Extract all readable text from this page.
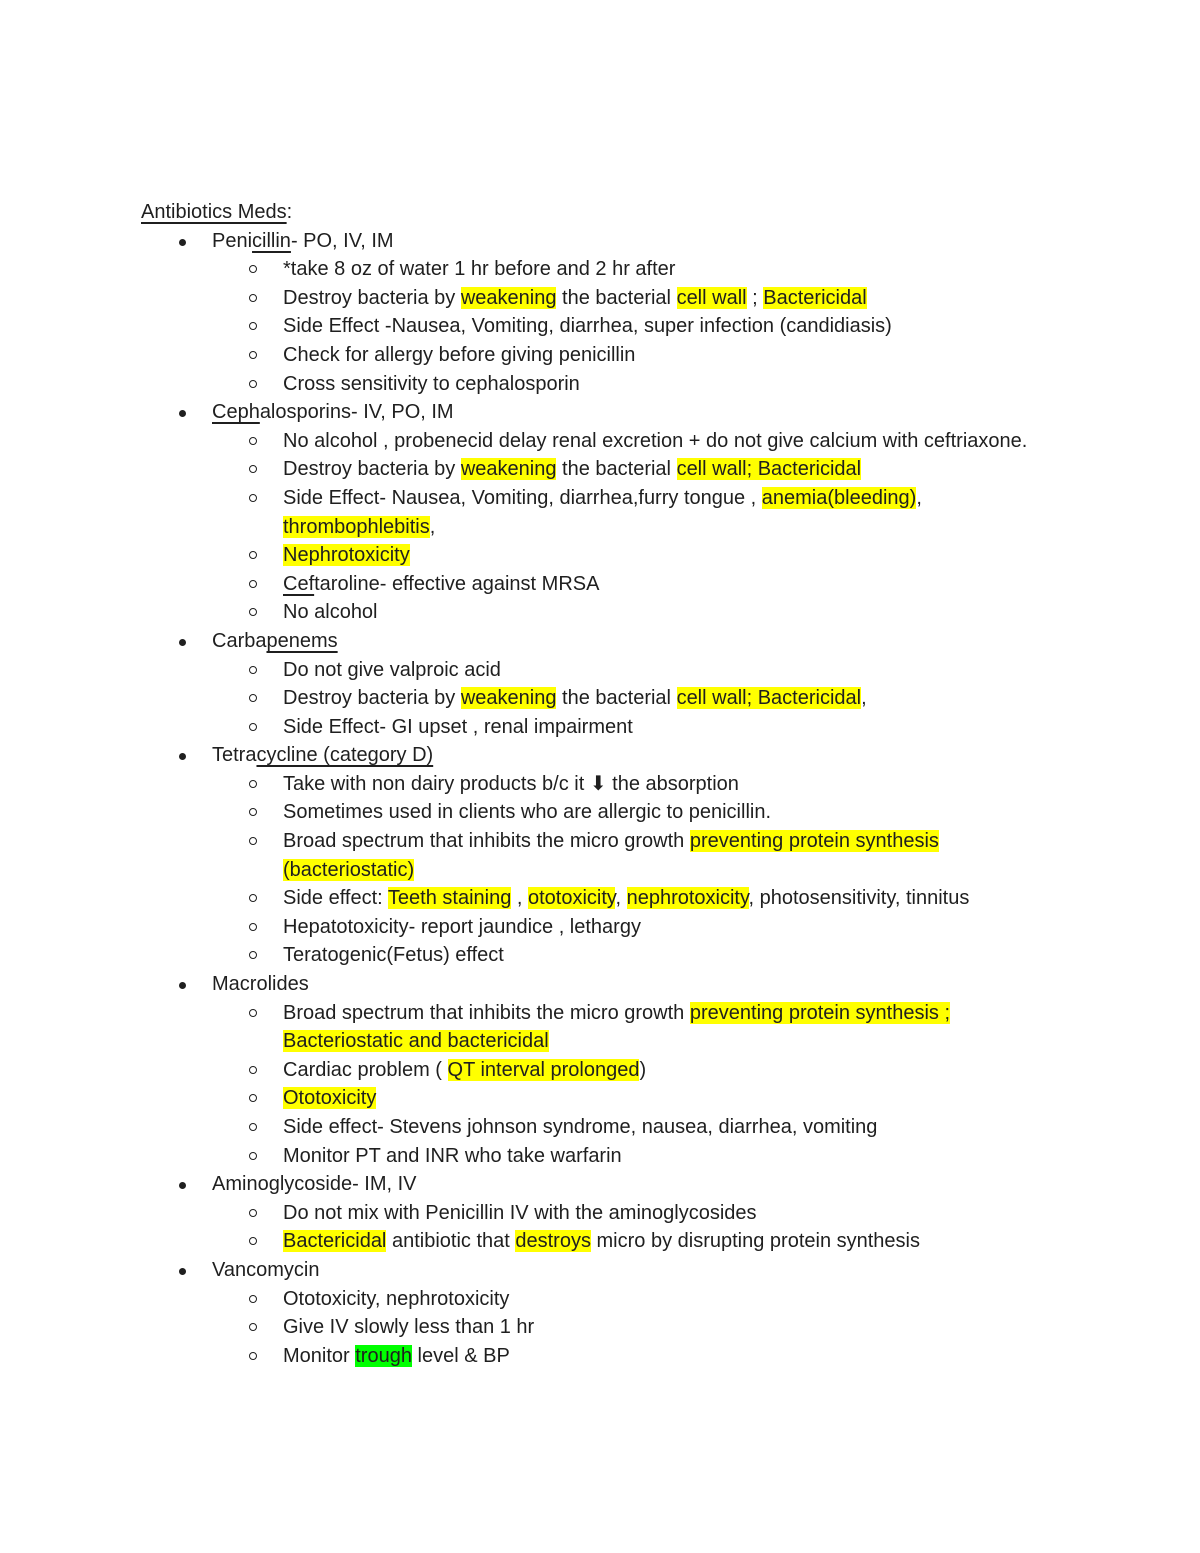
Antibiotics Meds:
Penicillin- PO, IV, IM
*take 8 oz of water 1 hr before and 2 hr after
Destroy bacteria by weakening the bacterial cell wall ; Bactericidal
Side Effect -Nausea, Vomiting, diarrhea, super infection (candidiasis)
Check for allergy before giving penicillin
Cross sensitivity to cephalosporin
Cephalosporins- IV, PO, IM
No alcohol , probenecid delay renal excretion + do not give calcium with ceftriaxone.
Destroy bacteria by weakening the bacterial cell wall; Bactericidal
Side Effect- Nausea, Vomiting, diarrhea,furry tongue , anemia(bleeding), thrombophlebitis,
Nephrotoxicity
Ceftaroline- effective against MRSA
No alcohol
Carbapenems
Do not give valproic acid
Destroy bacteria by weakening the bacterial cell wall; Bactericidal,
Side Effect- GI upset , renal impairment
Tetracycline (category D)
Take with non dairy products b/c it ⬇ the absorption
Sometimes used in clients who are allergic to penicillin.
Broad spectrum that inhibits the micro growth preventing protein synthesis (bacteriostatic)
Side effect: Teeth staining , ototoxicity, nephrotoxicity, photosensitivity, tinnitus
Hepatotoxicity- report jaundice , lethargy
Teratogenic(Fetus) effect
Macrolides
Broad spectrum that inhibits the micro growth preventing protein synthesis ; Bacteriostatic and bactericidal
Cardiac problem ( QT interval prolonged)
Ototoxicity
Side effect- Stevens johnson syndrome, nausea, diarrhea, vomiting
Monitor PT and INR who take warfarin
Aminoglycoside- IM, IV
Do not mix with Penicillin IV with the aminoglycosides
Bactericidal antibiotic that destroys micro by disrupting protein synthesis
Vancomycin
Ototoxicity, nephrotoxicity
Give IV slowly less than 1 hr
Monitor trough level & BP
